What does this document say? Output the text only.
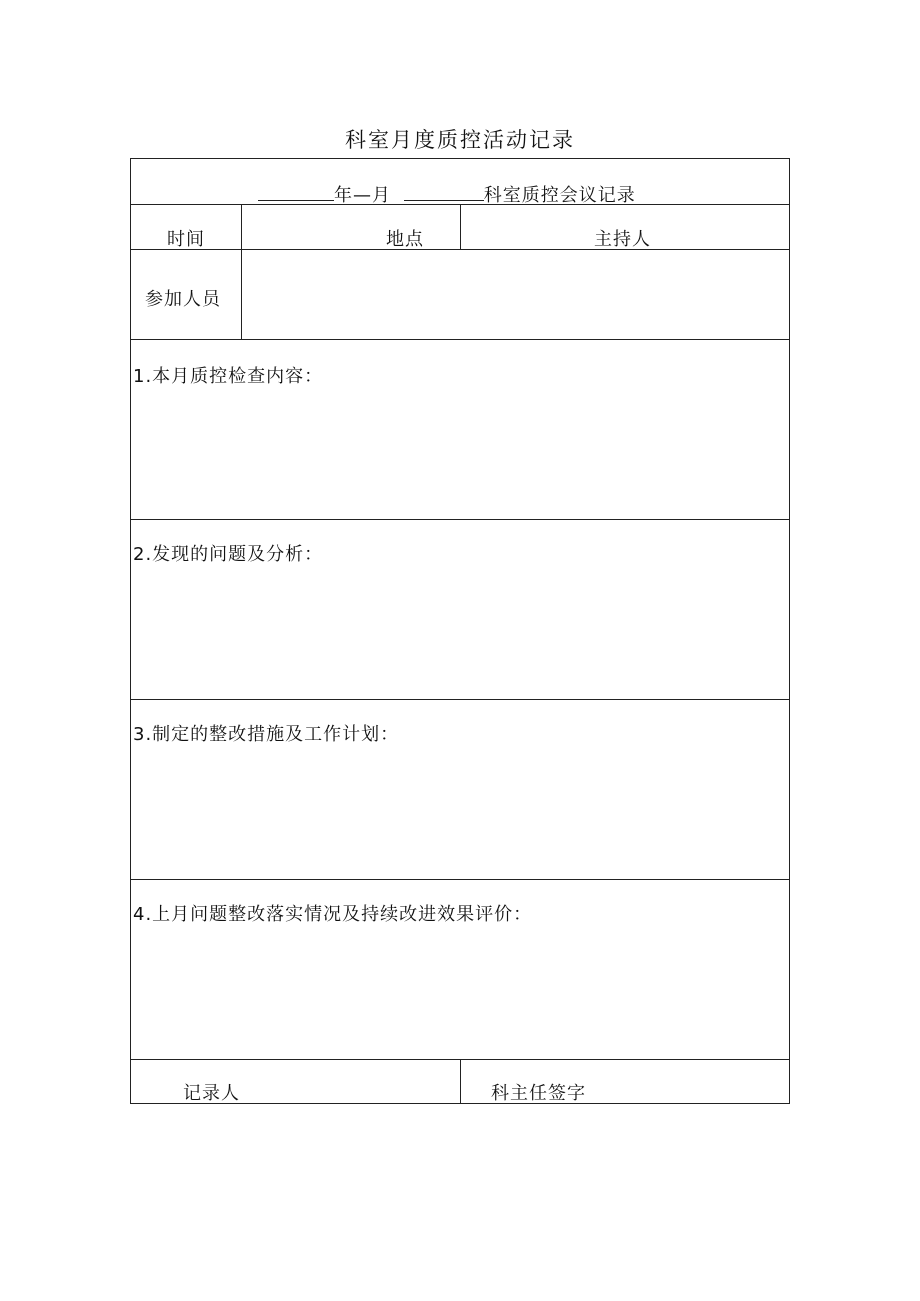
科室月度质控活动记录
年—月	科室质控会议记录
时间	地点	主持人
参加人员
1.本月质控检查内容：
2.发现的问题及分析：
3.制定的整改措施及工作计划：
4.上月问题整改落实情况及持续改进效果评价：
记录人	科主任签字
